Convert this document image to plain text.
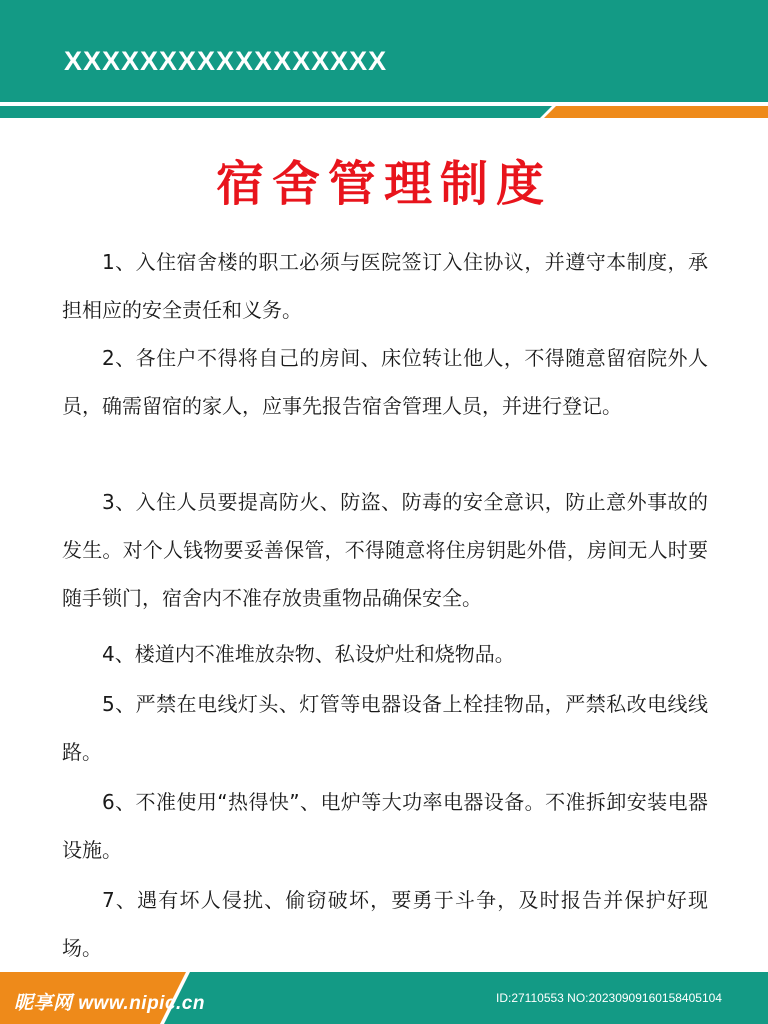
XXXXXXXXXXXXXXXXX
宿舍管理制度

1、入住宿舍楼的职工必须与医院签订入住协议，并遵守本制度，承担相应的安全责任和义务。

2、各住户不得将自己的房间、床位转让他人，不得随意留宿院外人员，确需留宿的家人，应事先报告宿舍管理人员，并进行登记。

3、入住人员要提高防火、防盗、防毒的安全意识，防止意外事故的发生。对个人钱物要妥善保管，不得随意将住房钥匙外借，房间无人时要随手锁门，宿舍内不准存放贵重物品确保安全。

4、楼道内不准堆放杂物、私设炉灶和烧物品。

5、严禁在电线灯头、灯管等电器设备上栓挂物品，严禁私改电线线路。

6、不准使用“热得快”、电炉等大功率电器设备。不准拆卸安装电器设施。

7、遇有坏人侵扰、偷窃破坏，要勇于斗争，及时报告并保护好现场。

昵享网 www.nipic.cn	ID:27110553 NO:20230909160158405104
